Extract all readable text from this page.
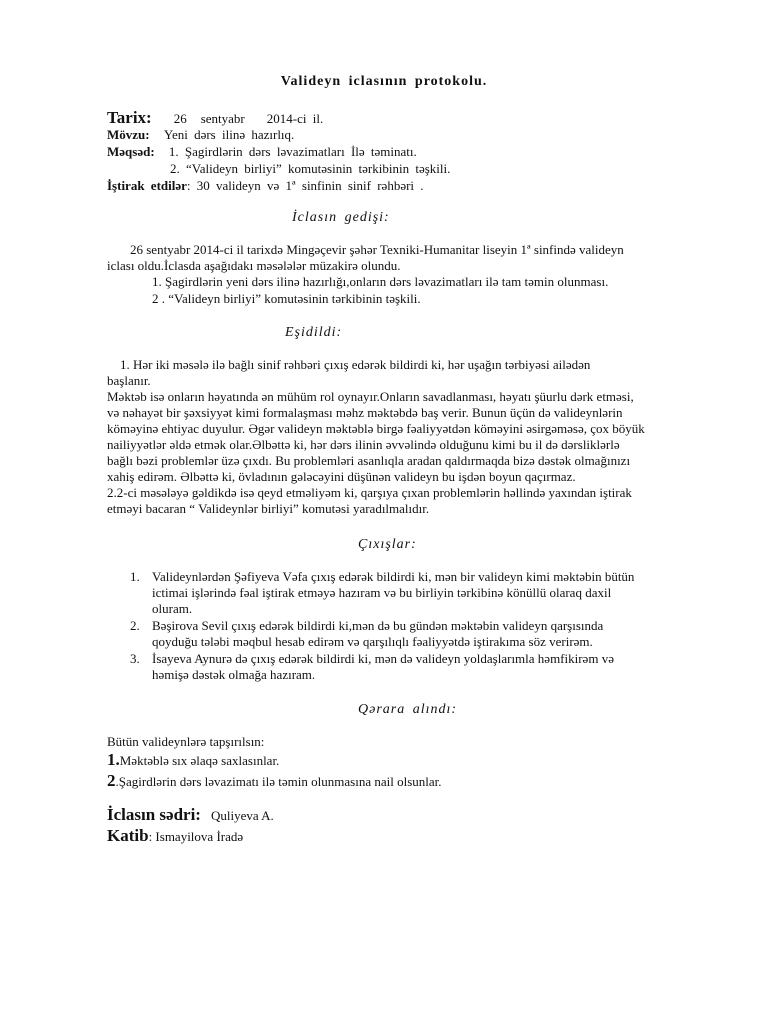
Validеyn iclasının protokolu.
Tarix: 26 sentyabr 2014-ci il.
Mövzu: Yeni dərs ilinə hazırlıq.
Məqsəd: 1. Şagirdlərin dərs ləvazimatları İlə təminatı.
2. “Valideyn birliyi” komutəsinin tərkibinin təşkili.
İştirak etdilər: 30 valideyn və 1ª sinfinin sinif rəhbəri .
İclasın gedişi:
26 sentyabr 2014-ci il tarixdə Mingəçevir şəhər Texniki-Humanitar liseyin 1ª sinfində valideyn
iclası oldu.İclasda aşağıdakı məsələlər müzakirə olundu.
1. Şagirdlərin yeni dərs ilinə hazırlığı,onların dərs ləvazimatları ilə tam təmin olunması.
2 . “Valideyn birliyi” komutəsinin tərkibinin təşkili.
Eşidildi:
1. Hər iki məsələ ilə bağlı sinif rəhbəri çıxış edərək bildirdi ki, hər uşağın tərbiyəsi ailədən
başlanır.
Məktəb isə onların həyatında ən mühüm rol oynayır.Onların savadlanması, həyatı şüurlu dərk etməsi,
və nəhayət bir şəxsiyyət kimi formalaşması məhz məktəbdə baş verir. Bunun üçün də valideynlərin
köməyinə ehtiyac duyulur. Əgər valideyn məktəblə birgə fəaliyyətdən köməyini əsirgəməsə, çox böyük
nailiyyətlər əldə etmək olar.Əlbəttə ki, hər dərs ilinin əvvəlində olduğunu kimi bu il də dərsliklərlə
bağlı bəzi problemlər üzə çıxdı. Bu problemləri asanlıqla aradan qaldırmaqda bizə dəstək olmağınızı
xahiş edirəm. Əlbəttə ki, övladının gələcəyini düşünən valideyn bu işdən boyun qaçırmaz.
2.2-ci məsələyə gəldikdə isə qeyd etməliyəm ki, qarşıya çıxan problemlərin həllində yaxından iştirak
etməyi bacaran “ Valideynlər birliyi” komutəsi yaradılmalıdır.
Çıxışlar:
1. Valideynlərdən Şəfiyeva Vəfa çıxış edərək bildirdi ki, mən bir valideyn kimi məktəbin bütün
ictimai işlərində fəal iştirak etməyə hazıram və bu birliyin tərkibinə könüllü olaraq daxil
oluram.
2. Bəşirova Sevil çıxış edərək bildirdi ki,mən də bu gündən məktəbin valideyn qarşısında
qoyduğu tələbi məqbul hesab edirəm və qarşılıqlı fəaliyyətdə iştirakıma söz verirəm.
3. İsayeva Aynurə də çıxış edərək bildirdi ki, mən də valideyn yoldaşlarımla həmfikirəm və
həmişə dəstək olmağa hazıram.
Qərara alındı:
Bütün valideynlərə tapşırılsın:
1.Məktəblə sıx əlaqə saxlasınlar.
2.Şagirdlərin dərs ləvazimatı ilə təmin olunmasına nail olsunlar.
İclasın sədri: Quliyeva A.
Katib: Ismayilova İradə
